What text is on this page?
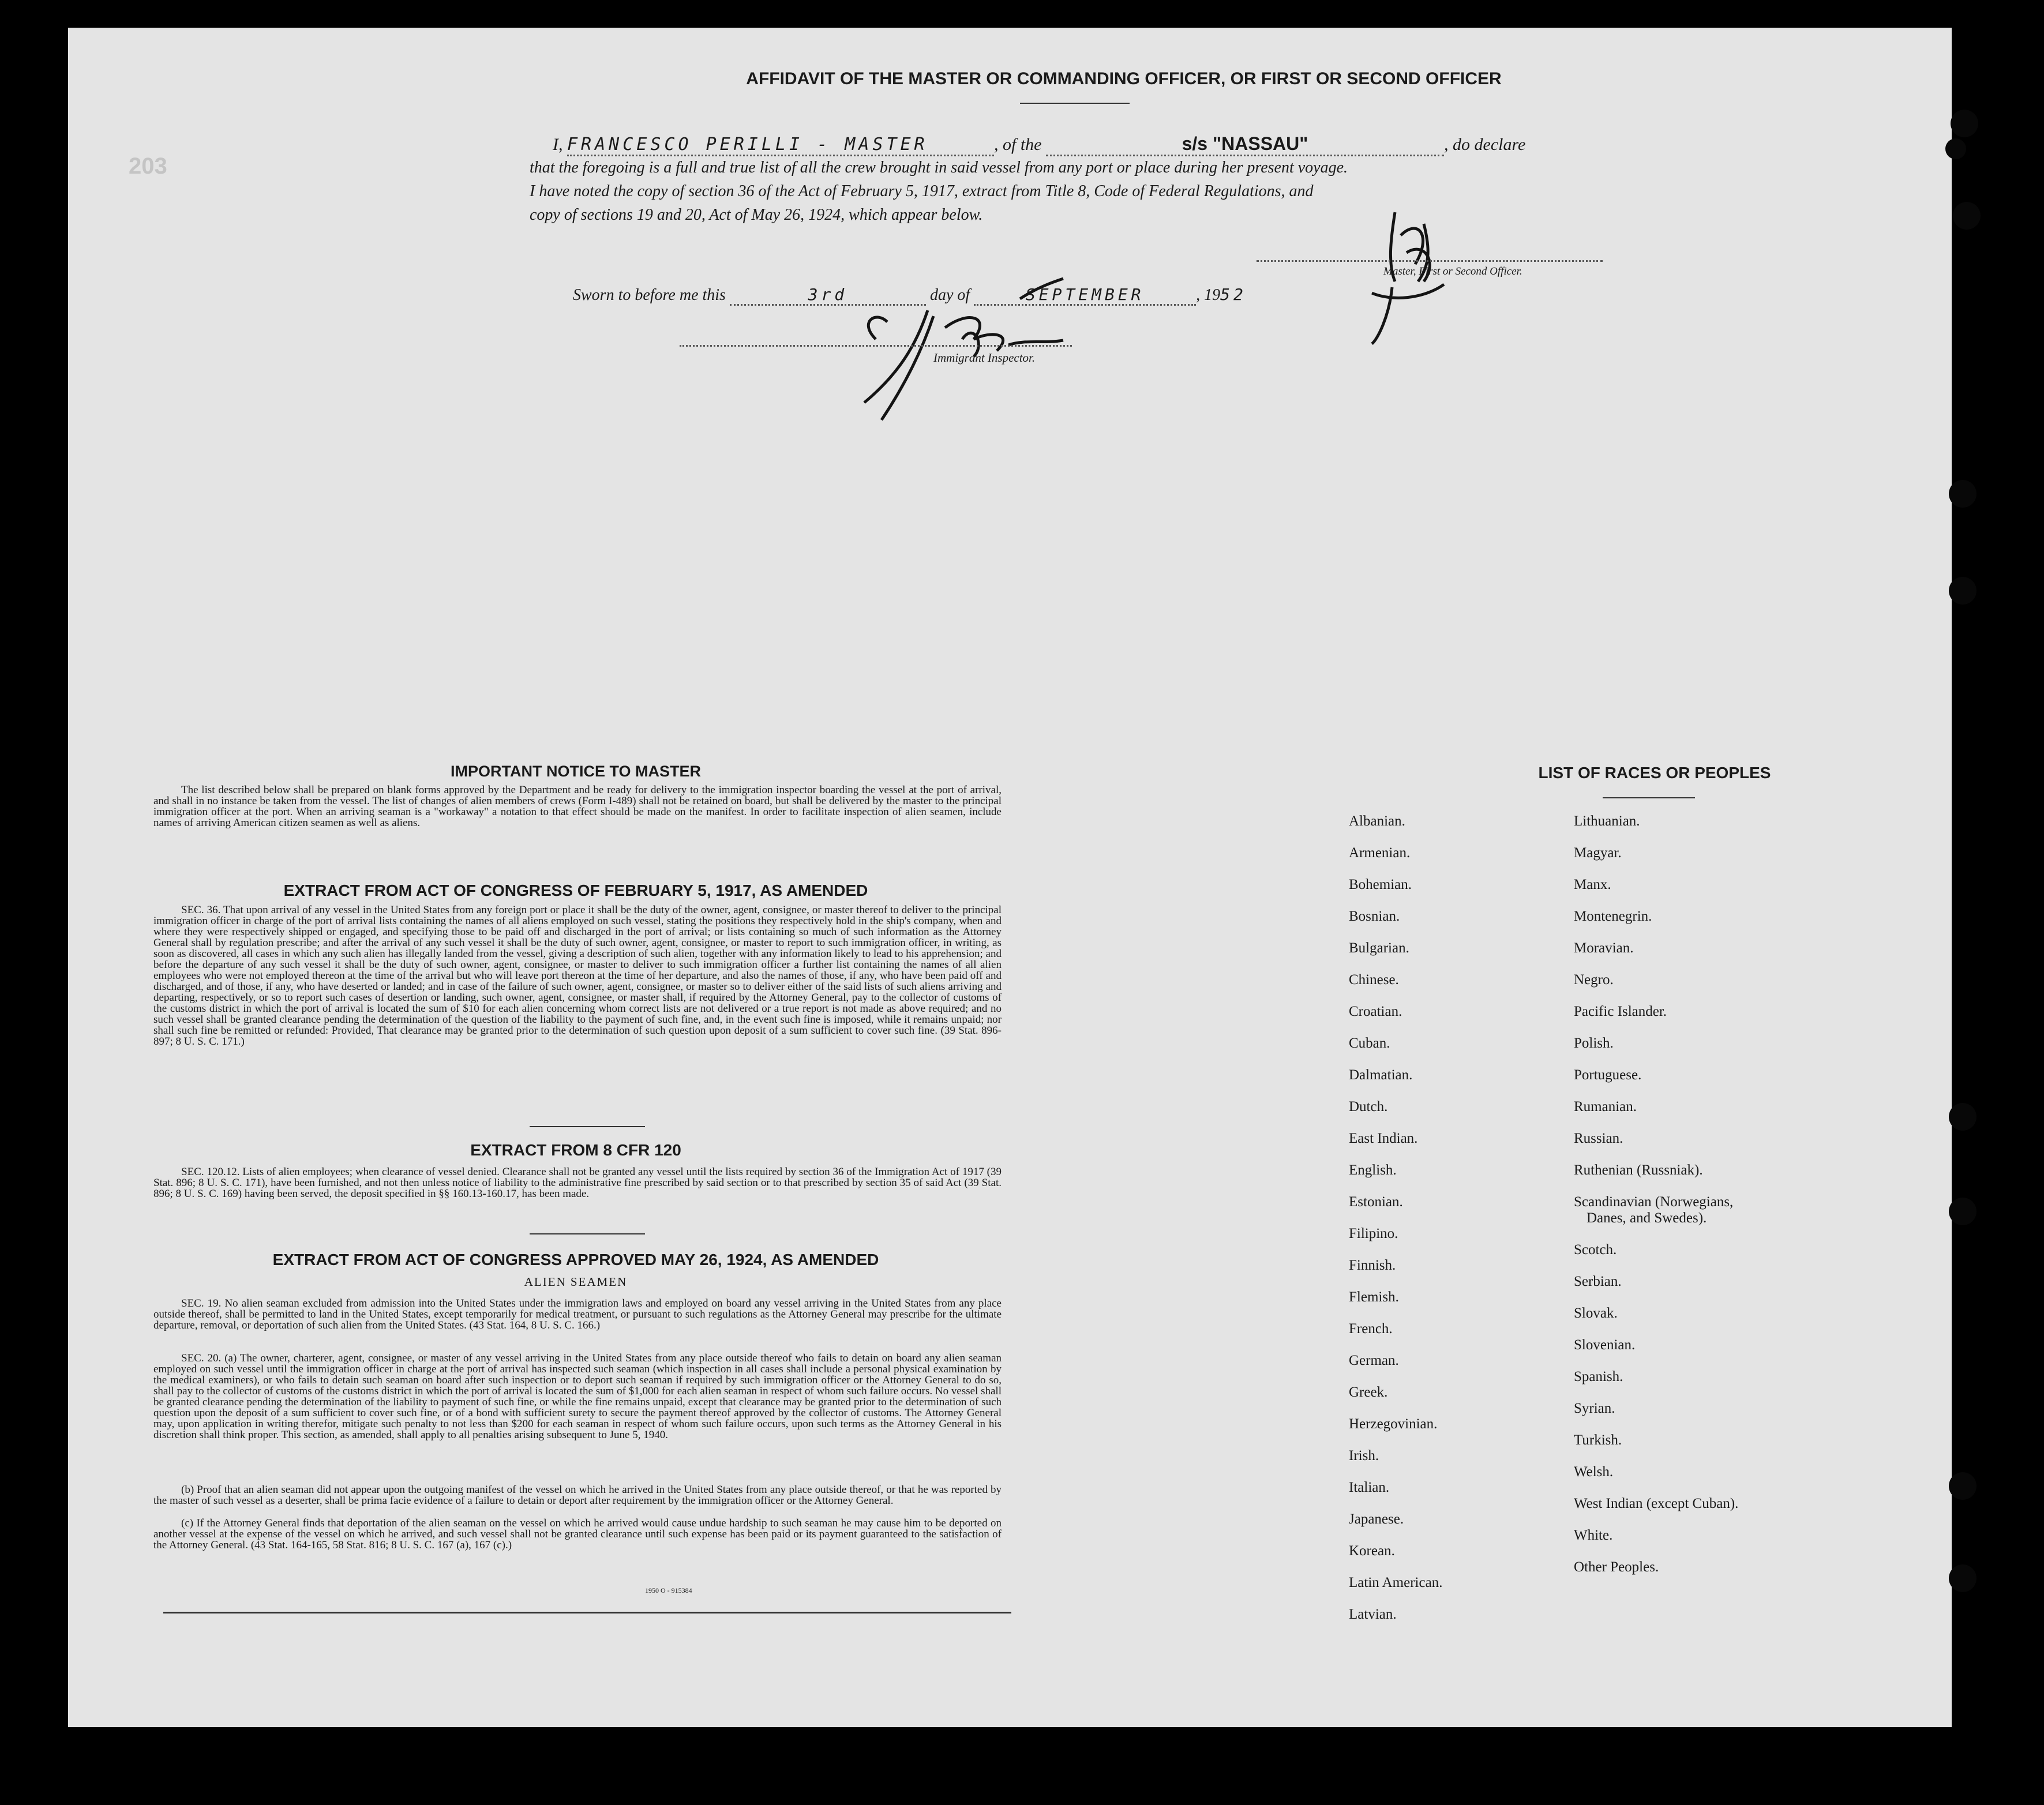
203
AFFIDAVIT OF THE MASTER OR COMMANDING OFFICER, OR FIRST OR SECOND OFFICER
I, FRANCESCO PERILLI - MASTER	, of the	s/s "NASSAU"	, do declare
that the foregoing is a full and true list of all the crew brought in said vessel from any port or place during her present voyage.
I have noted the copy of section 36 of the Act of February 5, 1917, extract from Title 8, Code of Federal Regulations, and
copy of sections 19 and 20, Act of May 26, 1924, which appear below.
Master, First or Second Officer.
Sworn to before me this	3rd	day of	SEPTEMBER	, 1952
Immigrant Inspector.
IMPORTANT NOTICE TO MASTER

The list described below shall be prepared on blank forms approved by the Department and be ready for delivery to the immigration inspector boarding the vessel at the port of arrival, and shall in no instance be taken from the vessel. The list of changes of alien members of crews (Form I-489) shall not be retained on board, but shall be delivered by the master to the principal immigration officer at the port. When an arriving seaman is a "workaway" a notation to that effect should be made on the manifest. In order to facilitate inspection of alien seamen, include names of arriving American citizen seamen as well as aliens.

EXTRACT FROM ACT OF CONGRESS OF FEBRUARY 5, 1917, AS AMENDED

SEC. 36. That upon arrival of any vessel in the United States from any foreign port or place it shall be the duty of the owner, agent, consignee, or master thereof to deliver to the principal immigration officer in charge of the port of arrival lists containing the names of all aliens employed on such vessel, stating the positions they respectively hold in the ship's company, when and where they were respectively shipped or engaged, and specifying those to be paid off and discharged in the port of arrival; or lists containing so much of such information as the Attorney General shall by regulation prescribe; and after the arrival of any such vessel it shall be the duty of such owner, agent, consignee, or master to report to such immigration officer, in writing, as soon as discovered, all cases in which any such alien has illegally landed from the vessel, giving a description of such alien, together with any information likely to lead to his apprehension; and before the departure of any such vessel it shall be the duty of such owner, agent, consignee, or master to deliver to such immigration officer a further list containing the names of all alien employees who were not employed thereon at the time of the arrival but who will leave port thereon at the time of her departure, and also the names of those, if any, who have been paid off and discharged, and of those, if any, who have deserted or landed; and in case of the failure of such owner, agent, consignee, or master so to deliver either of the said lists of such aliens arriving and departing, respectively, or so to report such cases of desertion or landing, such owner, agent, consignee, or master shall, if required by the Attorney General, pay to the collector of customs of the customs district in which the port of arrival is located the sum of $10 for each alien concerning whom correct lists are not delivered or a true report is not made as above required; and no such vessel shall be granted clearance pending the determination of the question of the liability to the payment of such fine, and, in the event such fine is imposed, while it remains unpaid; nor shall such fine be remitted or refunded: Provided, That clearance may be granted prior to the determination of such question upon deposit of a sum sufficient to cover such fine. (39 Stat. 896-897; 8 U. S. C. 171.)

EXTRACT FROM 8 CFR 120

SEC. 120.12. Lists of alien employees; when clearance of vessel denied. Clearance shall not be granted any vessel until the lists required by section 36 of the Immigration Act of 1917 (39 Stat. 896; 8 U. S. C. 171), have been furnished, and not then unless notice of liability to the administrative fine prescribed by said section or to that prescribed by section 35 of said Act (39 Stat. 896; 8 U. S. C. 169) having been served, the deposit specified in §§ 160.13-160.17, has been made.

EXTRACT FROM ACT OF CONGRESS APPROVED MAY 26, 1924, AS AMENDED
ALIEN SEAMEN

SEC. 19. No alien seaman excluded from admission into the United States under the immigration laws and employed on board any vessel arriving in the United States from any place outside thereof, shall be permitted to land in the United States, except temporarily for medical treatment, or pursuant to such regulations as the Attorney General may prescribe for the ultimate departure, removal, or deportation of such alien from the United States. (43 Stat. 164, 8 U. S. C. 166.)

SEC. 20. (a) The owner, charterer, agent, consignee, or master of any vessel arriving in the United States from any place outside thereof who fails to detain on board any alien seaman employed on such vessel until the immigration officer in charge at the port of arrival has inspected such seaman (which inspection in all cases shall include a personal physical examination by the medical examiners), or who fails to detain such seaman on board after such inspection or to deport such seaman if required by such immigration officer or the Attorney General to do so, shall pay to the collector of customs of the customs district in which the port of arrival is located the sum of $1,000 for each alien seaman in respect of whom such failure occurs. No vessel shall be granted clearance pending the determination of the liability to payment of such fine, or while the fine remains unpaid, except that clearance may be granted prior to the determination of such question upon the deposit of a sum sufficient to cover such fine, or of a bond with sufficient surety to secure the payment thereof approved by the collector of customs. The Attorney General may, upon application in writing therefor, mitigate such penalty to not less than $200 for each seaman in respect of whom such failure occurs, upon such terms as the Attorney General in his discretion shall think proper. This section, as amended, shall apply to all penalties arising subsequent to June 5, 1940.

(b) Proof that an alien seaman did not appear upon the outgoing manifest of the vessel on which he arrived in the United States from any place outside thereof, or that he was reported by the master of such vessel as a deserter, shall be prima facie evidence of a failure to detain or deport after requirement by the immigration officer or the Attorney General.

(c) If the Attorney General finds that deportation of the alien seaman on the vessel on which he arrived would cause undue hardship to such seaman he may cause him to be deported on another vessel at the expense of the vessel on which he arrived, and such vessel shall not be granted clearance until such expense has been paid or its payment guaranteed to the satisfaction of the Attorney General. (43 Stat. 164-165, 58 Stat. 816; 8 U. S. C. 167 (a), 167 (c).)

1950 O - 915384
LIST OF RACES OR PEOPLES
Albanian.
Armenian.
Bohemian.
Bosnian.
Bulgarian.
Chinese.
Croatian.
Cuban.
Dalmatian.
Dutch.
East Indian.
English.
Estonian.
Filipino.
Finnish.
Flemish.
French.
German.
Greek.
Herzegovinian.
Irish.
Italian.
Japanese.
Korean.
Latin American.
Latvian.
Lithuanian.
Magyar.
Manx.
Montenegrin.
Moravian.
Negro.
Pacific Islander.
Polish.
Portuguese.
Rumanian.
Russian.
Ruthenian (Russniak).
Scandinavian (Norwegians,
Danes, and Swedes).
Scotch.
Serbian.
Slovak.
Slovenian.
Spanish.
Syrian.
Turkish.
Welsh.
West Indian (except Cuban).
White.
Other Peoples.
